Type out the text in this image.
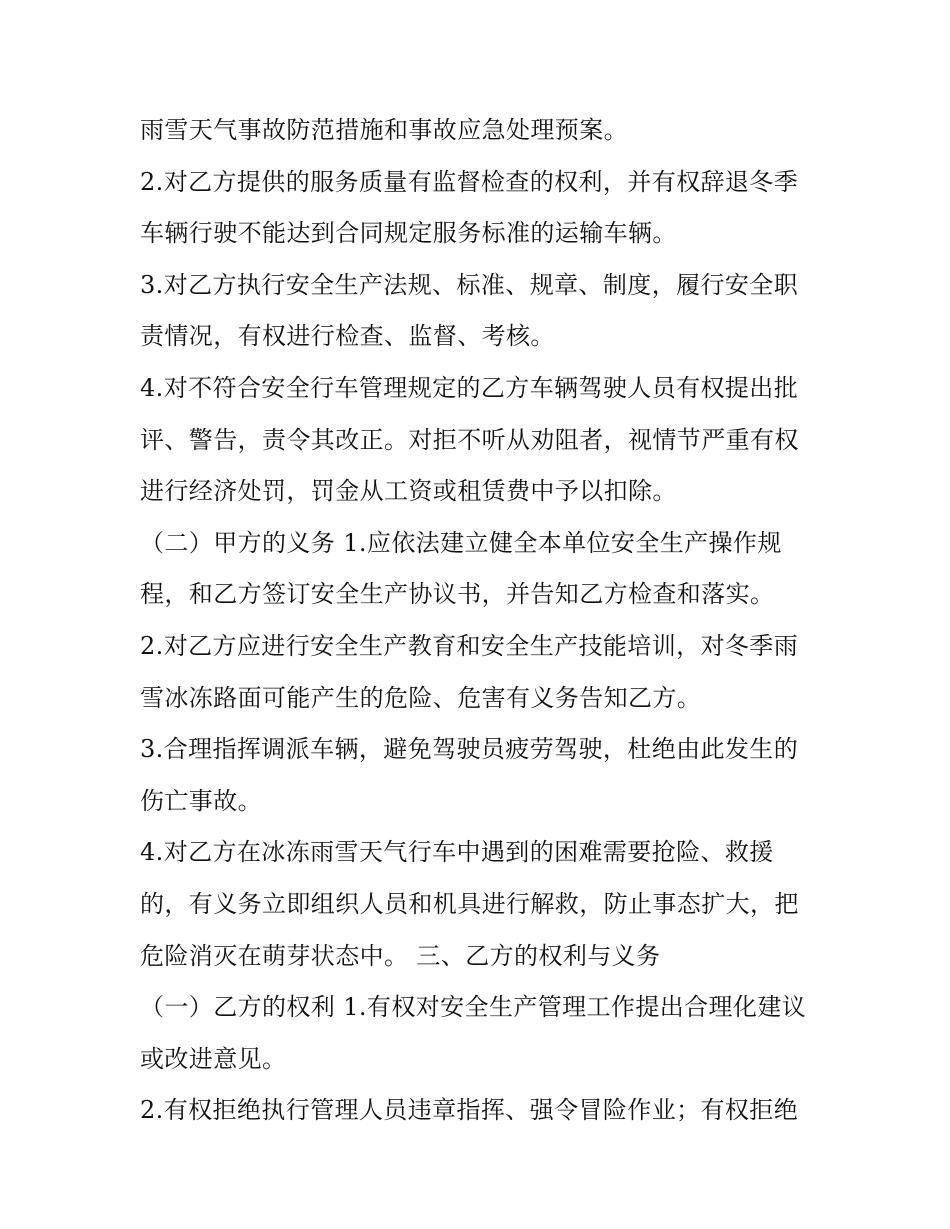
雨雪天气事故防范措施和事故应急处理预案。
2.对乙方提供的服务质量有监督检查的权利，并有权辞退冬季
车辆行驶不能达到合同规定服务标准的运输车辆。
3.对乙方执行安全生产法规、标准、规章、制度，履行安全职
责情况，有权进行检查、监督、考核。
4.对不符合安全行车管理规定的乙方车辆驾驶人员有权提出批
评、警告，责令其改正。对拒不听从劝阻者，视情节严重有权
进行经济处罚，罚金从工资或租赁费中予以扣除。
（二）甲方的义务 1.应依法建立健全本单位安全生产操作规
程，和乙方签订安全生产协议书，并告知乙方检查和落实。
2.对乙方应进行安全生产教育和安全生产技能培训，对冬季雨
雪冰冻路面可能产生的危险、危害有义务告知乙方。
3.合理指挥调派车辆，避免驾驶员疲劳驾驶，杜绝由此发生的
伤亡事故。
4.对乙方在冰冻雨雪天气行车中遇到的困难需要抢险、救援
的，有义务立即组织人员和机具进行解救，防止事态扩大，把
危险消灭在萌芽状态中。 三、乙方的权利与义务
（一）乙方的权利 1.有权对安全生产管理工作提出合理化建议
或改进意见。
2.有权拒绝执行管理人员违章指挥、强令冒险作业；有权拒绝
